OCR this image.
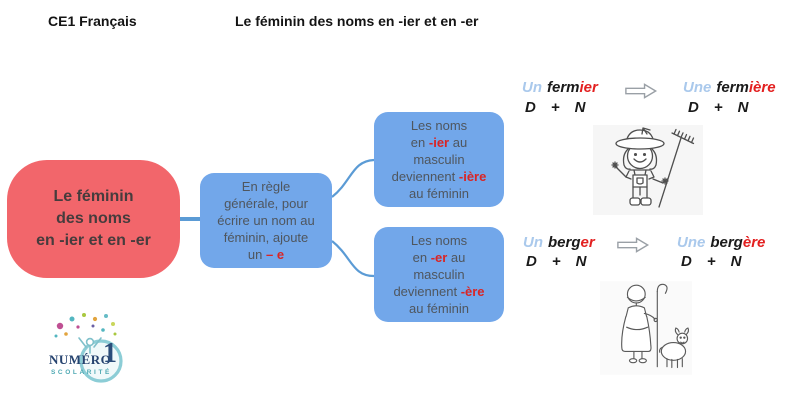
CE1 Français	Le féminin des noms en -ier et en -er
Le féminin
des noms
en -ier et en -er
En règle
générale, pour
écrire un nom au
féminin, ajoute
un – e
Les noms
en -ier au
masculin
deviennent -ière
au féminin
Les noms
en -er au
masculin
deviennent -ère
au féminin
Un fermier
D + N
Une fermière
D + N
Un berger
D + N
Une bergère
D + N
NUMÉRO
1
SCOLARITÉ
